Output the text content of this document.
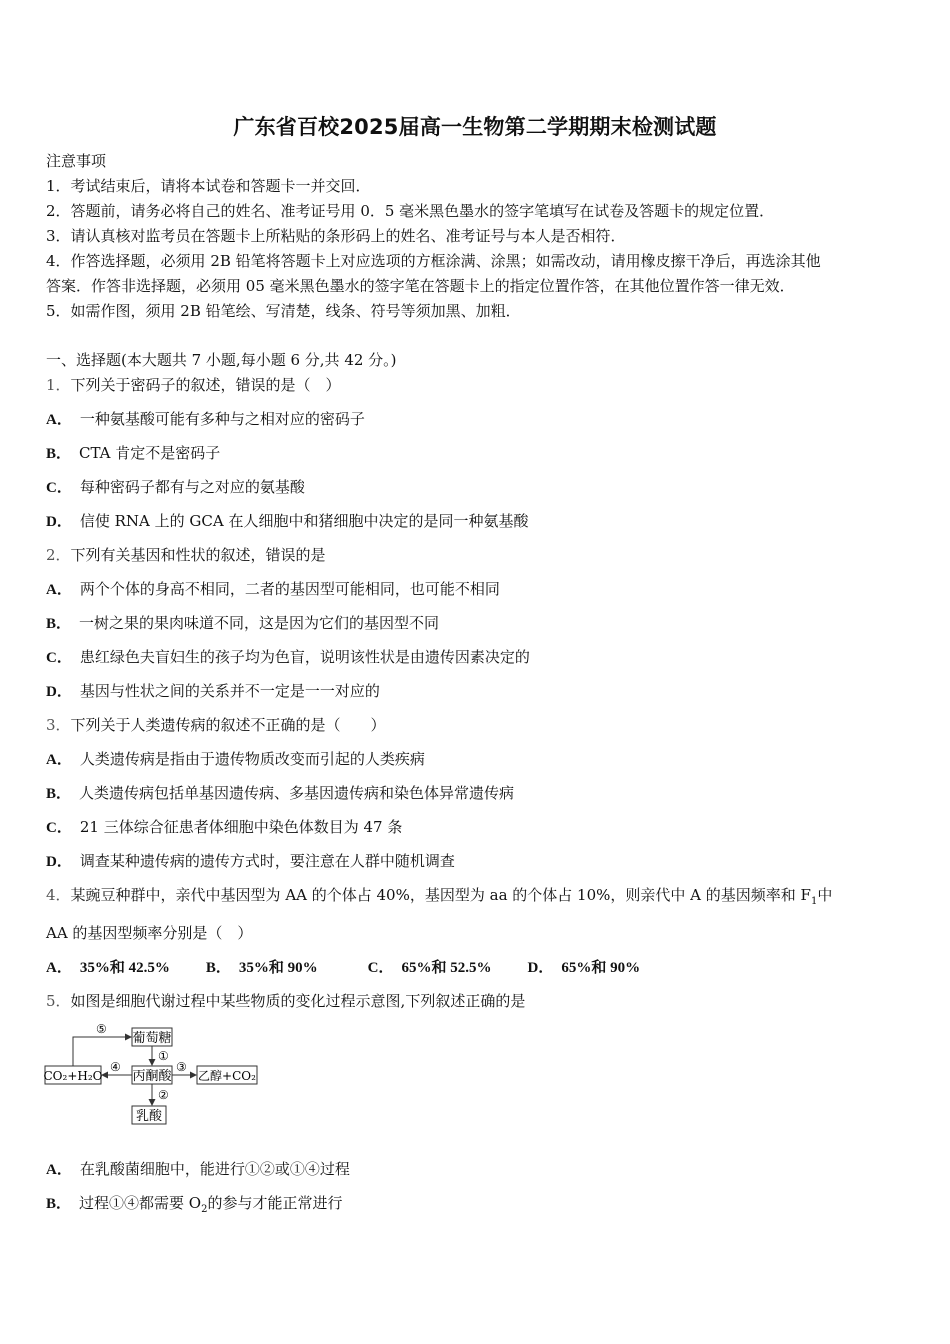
广东省百校2025届高一生物第二学期期末检测试题
注意事项
1．考试结束后，请将本试卷和答题卡一并交回．
2．答题前，请务必将自己的姓名、准考证号用 0．5 毫米黑色墨水的签字笔填写在试卷及答题卡的规定位置．
3．请认真核对监考员在答题卡上所粘贴的条形码上的姓名、准考证号与本人是否相符．
4．作答选择题，必须用 2B 铅笔将答题卡上对应选项的方框涂满、涂黑；如需改动，请用橡皮擦干净后，再选涂其他
答案．作答非选择题，必须用 05 毫米黑色墨水的签字笔在答题卡上的指定位置作答，在其他位置作答一律无效．
5．如需作图，须用 2B 铅笔绘、写清楚，线条、符号等须加黑、加粗．
一、选择题(本大题共 7 小题,每小题 6 分,共 42 分。)
1．下列关于密码子的叙述，错误的是（　）
A． 一种氨基酸可能有多种与之相对应的密码子
B． CTA 肯定不是密码子
C． 每种密码子都有与之对应的氨基酸
D． 信使 RNA 上的 GCA 在人细胞中和猪细胞中决定的是同一种氨基酸
2．下列有关基因和性状的叙述，错误的是
A． 两个个体的身高不相同，二者的基因型可能相同，也可能不相同
B． 一树之果的果肉味道不同，这是因为它们的基因型不同
C． 患红绿色夫盲妇生的孩子均为色盲，说明该性状是由遗传因素决定的
D． 基因与性状之间的关系并不一定是一一对应的
3．下列关于人类遗传病的叙述不正确的是（　　）
A． 人类遗传病是指由于遗传物质改变而引起的人类疾病
B． 人类遗传病包括单基因遗传病、多基因遗传病和染色体异常遗传病
C． 21 三体综合征患者体细胞中染色体数目为 47 条
D． 调查某种遗传病的遗传方式时，要注意在人群中随机调查
4．某豌豆种群中，亲代中基因型为 AA 的个体占 40%，基因型为 aa 的个体占 10%，则亲代中 A 的基因频率和 $F_1$中
AA 的基因型频率分别是（　）
A． 35%和 42.5% B． 35%和 90%	C． 65%和 52.5% D． 65%和 90%
5．如图是细胞代谢过程中某些物质的变化过程示意图,下列叙述正确的是
葡萄糖
丙酮酸
CO₂+H₂O	乙醇+CO₂
乳酸
①
②
③
④
⑤
A． 在乳酸菌细胞中，能进行①②或①④过程
B． 过程①④都需要 $O_2$的参与才能正常进行
